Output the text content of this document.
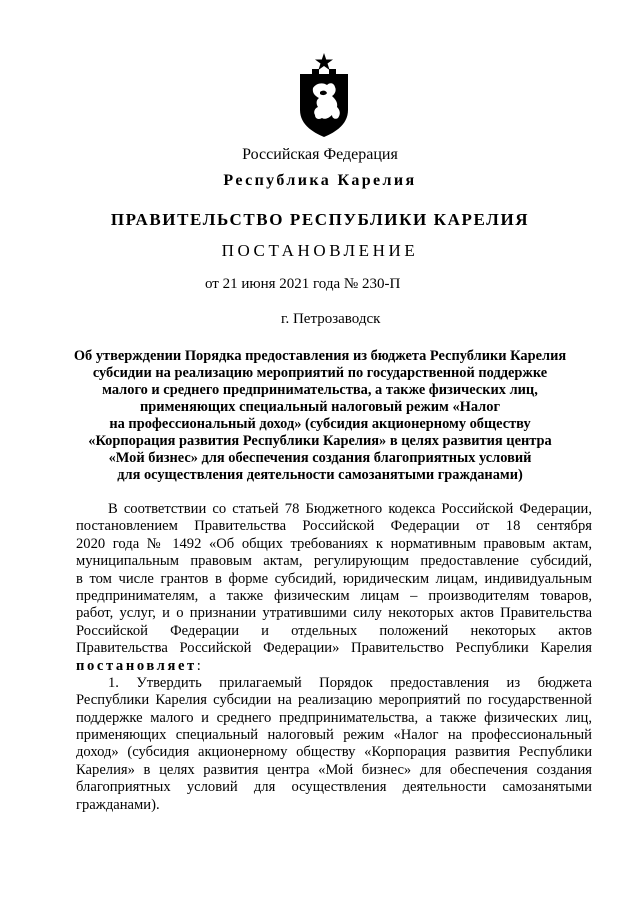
Российская Федерация
Республика Карелия
ПРАВИТЕЛЬСТВО РЕСПУБЛИКИ КАРЕЛИЯ
ПОСТАНОВЛЕНИЕ
от 21 июня 2021 года № 230-П
г. Петрозаводск
Об утверждении Порядка предоставления из бюджета Республики Карелия
субсидии на реализацию мероприятий по государственной поддержке
малого и среднего предпринимательства, а также физических лиц,
применяющих специальный налоговый режим «Налог
на профессиональный доход» (субсидия акционерному обществу
«Корпорация развития Республики Карелия» в целях развития центра
«Мой бизнес» для обеспечения создания благоприятных условий
для осуществления деятельности самозанятыми гражданами)
В соответствии со статьей 78 Бюджетного кодекса Российской Федерации,
постановлением Правительства Российской Федерации от 18 сентября
2020 года № 1492 «Об общих требованиях к нормативным правовым актам,
муниципальным правовым актам, регулирующим предоставление субсидий,
в том числе грантов в форме субсидий, юридическим лицам, индивидуальным
предпринимателям, а также физическим лицам – производителям товаров,
работ, услуг, и о признании утратившими силу некоторых актов Правительства
Российской Федерации и отдельных положений некоторых актов
Правительства Российской Федерации» Правительство Республики Карелия
постановляет:
1. Утвердить прилагаемый Порядок предоставления из бюджета
Республики Карелия субсидии на реализацию мероприятий по государственной
поддержке малого и среднего предпринимательства, а также физических лиц,
применяющих специальный налоговый режим «Налог на профессиональный
доход» (субсидия акционерному обществу «Корпорация развития Республики
Карелия» в целях развития центра «Мой бизнес» для обеспечения создания
благоприятных условий для осуществления деятельности самозанятыми
гражданами).
